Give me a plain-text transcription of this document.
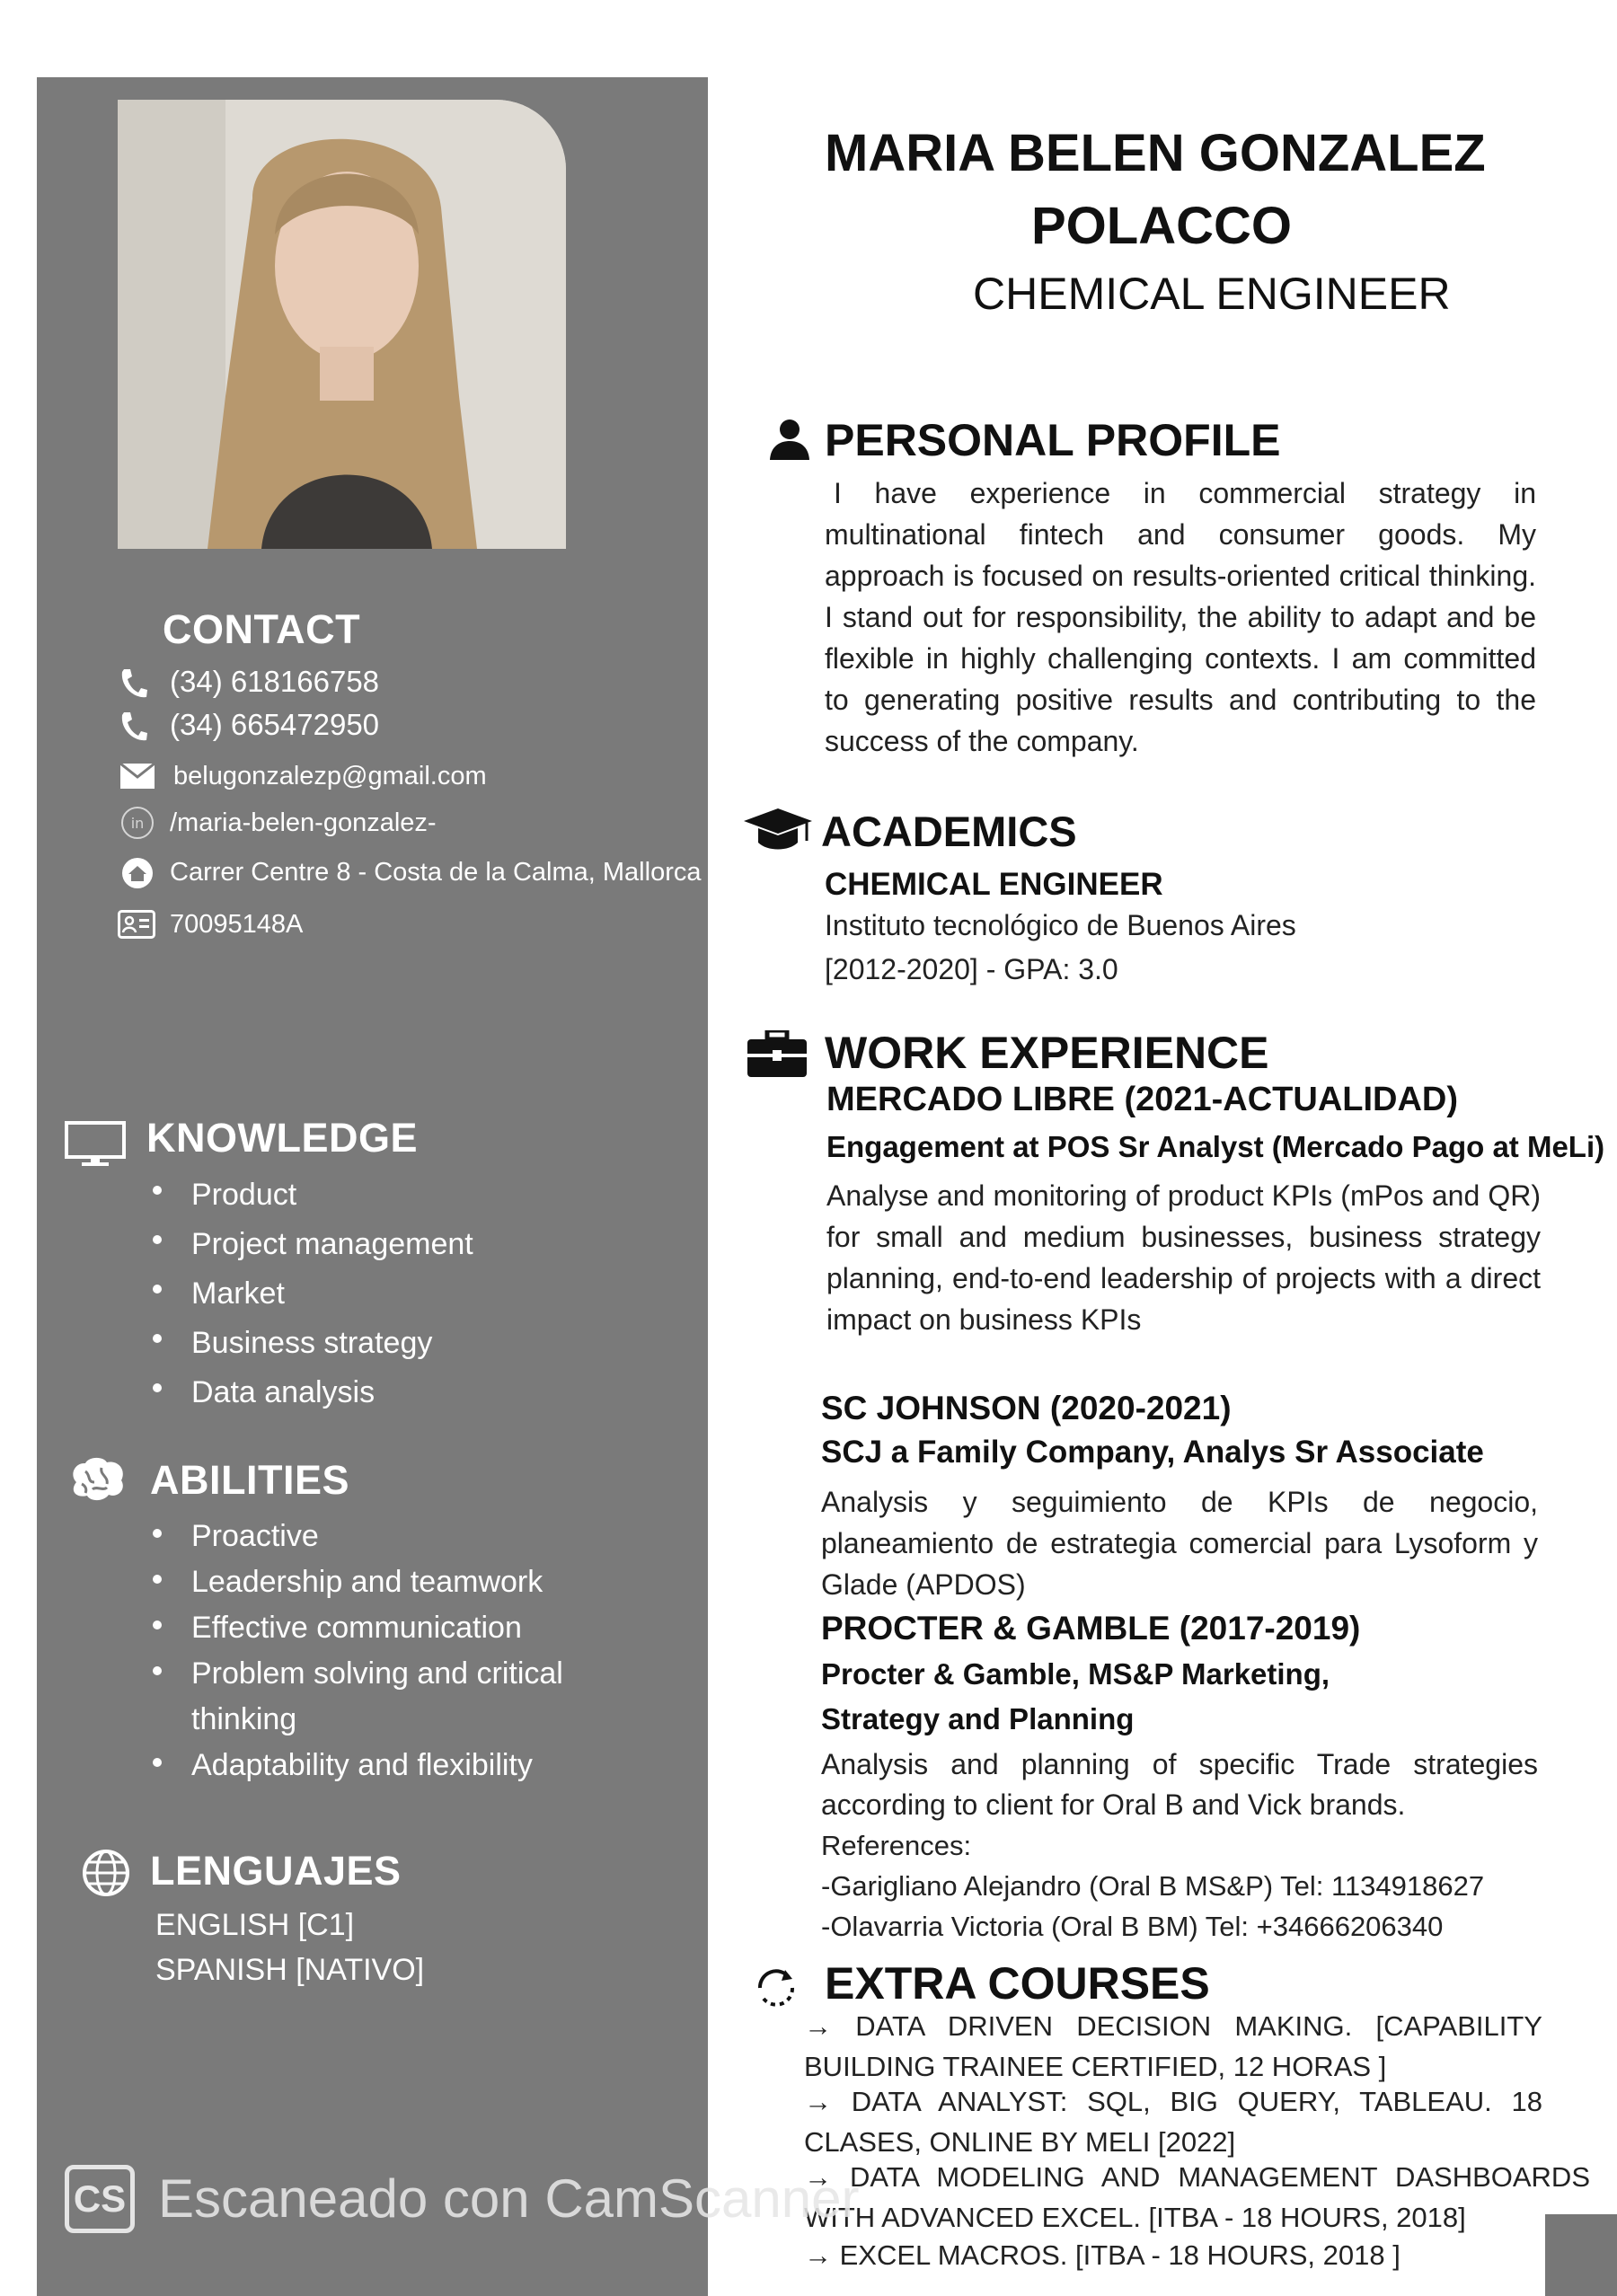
CONTACT
(34) 618166758
(34) 665472950
belugonzalezp@gmail.com
in /maria-belen-gonzalez-
Carrer Centre 8 - Costa de la Calma, Mallorca
70095148A
KNOWLEDGE
Product
Project management
Market
Business strategy
Data analysis
ABILITIES
Proactive
Leadership and teamwork
Effective communication
Problem solving and critical thinking
Adaptability and flexibility
LENGUAJES
ENGLISH [C1]
SPANISH [NATIVO]
MARIA BELEN GONZALEZ
POLACCO
CHEMICAL ENGINEER
PERSONAL PROFILE
I have experience in commercial strategy in multinational fintech and consumer goods. My approach is focused on results-oriented critical thinking. I stand out for responsibility, the ability to adapt and be flexible in highly challenging contexts. I am committed to generating positive results and contributing to the success of the company.
ACADEMICS
CHEMICAL ENGINEER
Instituto tecnológico de Buenos Aires
[2012-2020] - GPA: 3.0
WORK EXPERIENCE
MERCADO LIBRE (2021-ACTUALIDAD)
Engagement at POS Sr Analyst (Mercado Pago at MeLi)
Analyse and monitoring of product KPIs (mPos and QR) for small and medium businesses, business strategy planning, end-to-end leadership of projects with a direct impact on business KPIs
SC JOHNSON (2020-2021)
SCJ a Family Company, Analys Sr Associate
Analysis y seguimiento de KPIs de negocio, planeamiento de estrategia comercial para Lysoform y Glade (APDOS)
PROCTER & GAMBLE (2017-2019)
Procter & Gamble, MS&P Marketing,
Strategy and Planning
Analysis and planning of specific Trade strategies according to client for Oral B and Vick brands.
References:
-Garigliano Alejandro (Oral B MS&P) Tel: 1134918627
-Olavarria Victoria (Oral B BM) Tel: +34666206340
EXTRA COURSES
→ DATA DRIVEN DECISION MAKING. [CAPABILITY BUILDING TRAINEE CERTIFIED, 12 HORAS ]
→ DATA ANALYST: SQL, BIG QUERY, TABLEAU. 18 CLASES, ONLINE BY MELI [2022]
→ DATA MODELING AND MANAGEMENT DASHBOARDS WITH ADVANCED EXCEL. [ITBA - 18 HOURS, 2018]
→ EXCEL MACROS. [ITBA - 18 HOURS, 2018 ]
CS Escaneado con CamScanner
